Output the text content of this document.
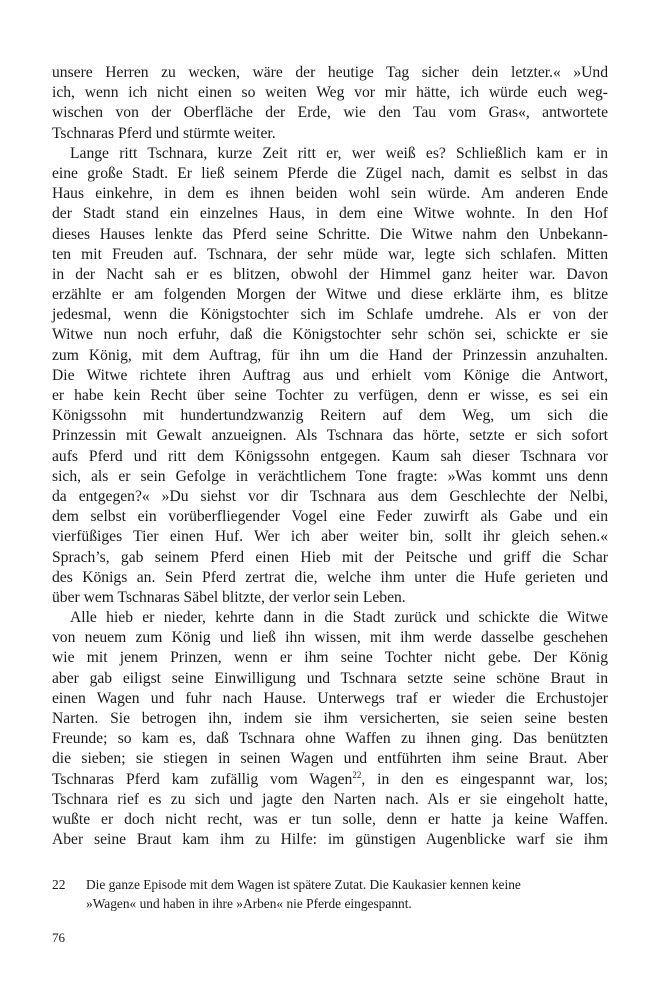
unsere Herren zu wecken, wäre der heutige Tag sicher dein letzter.« »Und
ich, wenn ich nicht einen so weiten Weg vor mir hätte, ich würde euch weg-
wischen von der Oberfläche der Erde, wie den Tau vom Gras«, antwortete
Tschnaras Pferd und stürmte weiter.
Lange ritt Tschnara, kurze Zeit ritt er, wer weiß es? Schließlich kam er in
eine große Stadt. Er ließ seinem Pferde die Zügel nach, damit es selbst in das
Haus einkehre, in dem es ihnen beiden wohl sein würde. Am anderen Ende
der Stadt stand ein einzelnes Haus, in dem eine Witwe wohnte. In den Hof
dieses Hauses lenkte das Pferd seine Schritte. Die Witwe nahm den Unbekann-
ten mit Freuden auf. Tschnara, der sehr müde war, legte sich schlafen. Mitten
in der Nacht sah er es blitzen, obwohl der Himmel ganz heiter war. Davon
erzählte er am folgenden Morgen der Witwe und diese erklärte ihm, es blitze
jedesmal, wenn die Königstochter sich im Schlafe umdrehe. Als er von der
Witwe nun noch erfuhr, daß die Königstochter sehr schön sei, schickte er sie
zum König, mit dem Auftrag, für ihn um die Hand der Prinzessin anzuhalten.
Die Witwe richtete ihren Auftrag aus und erhielt vom Könige die Antwort,
er habe kein Recht über seine Tochter zu verfügen, denn er wisse, es sei ein
Königssohn mit hundertundzwanzig Reitern auf dem Weg, um sich die
Prinzessin mit Gewalt anzueignen. Als Tschnara das hörte, setzte er sich sofort
aufs Pferd und ritt dem Königssohn entgegen. Kaum sah dieser Tschnara vor
sich, als er sein Gefolge in verächtlichem Tone fragte: »Was kommt uns denn
da entgegen?« »Du siehst vor dir Tschnara aus dem Geschlechte der Nelbi,
dem selbst ein vorüberfliegender Vogel eine Feder zuwirft als Gabe und ein
vierfüßiges Tier einen Huf. Wer ich aber weiter bin, sollt ihr gleich sehen.«
Sprach’s, gab seinem Pferd einen Hieb mit der Peitsche und griff die Schar
des Königs an. Sein Pferd zertrat die, welche ihm unter die Hufe gerieten und
über wem Tschnaras Säbel blitzte, der verlor sein Leben.
Alle hieb er nieder, kehrte dann in die Stadt zurück und schickte die Witwe
von neuem zum König und ließ ihn wissen, mit ihm werde dasselbe geschehen
wie mit jenem Prinzen, wenn er ihm seine Tochter nicht gebe. Der König
aber gab eiligst seine Einwilligung und Tschnara setzte seine schöne Braut in
einen Wagen und fuhr nach Hause. Unterwegs traf er wieder die Erchustojer
Narten. Sie betrogen ihn, indem sie ihm versicherten, sie seien seine besten
Freunde; so kam es, daß Tschnara ohne Waffen zu ihnen ging. Das benützten
die sieben; sie stiegen in seinen Wagen und entführten ihm seine Braut. Aber
Tschnaras Pferd kam zufällig vom Wagen$^{22}$, in den es eingespannt war, los;
Tschnara rief es zu sich und jagte den Narten nach. Als er sie eingeholt hatte,
wußte er doch nicht recht, was er tun solle, denn er hatte ja keine Waffen.
Aber seine Braut kam ihm zu Hilfe: im günstigen Augenblicke warf sie ihm
22 Die ganze Episode mit dem Wagen ist spätere Zutat. Die Kaukasier kennen keine
»Wagen« und haben in ihre »Arben« nie Pferde eingespannt.
76
